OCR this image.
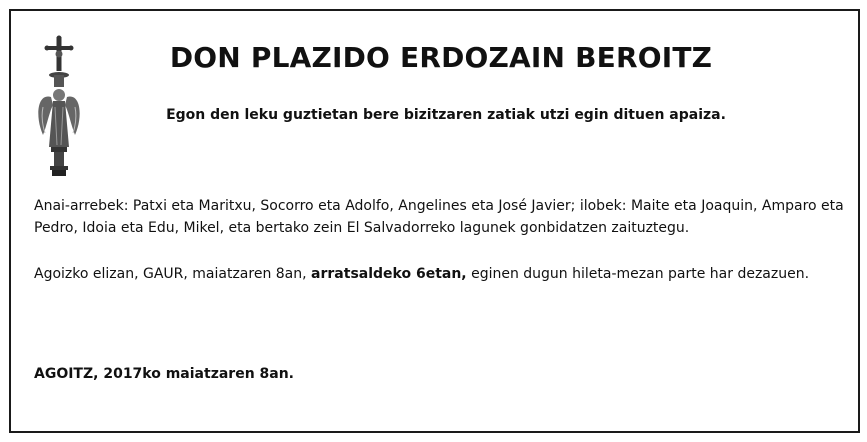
DON PLAZIDO ERDOZAIN BEROITZ
Egon den leku guztietan bere bizitzaren zatiak utzi egin dituen apaiza.
Anai-arrebek: Patxi eta Maritxu, Socorro eta Adolfo, Angelines eta José Javier; ilobek: Maite eta Joaquin, Amparo eta Pedro, Idoia eta Edu, Mikel, eta bertako zein El Salvadorreko lagunek gonbidatzen zaituztegu.
Agoizko elizan, GAUR, maiatzaren 8an, arratsaldeko 6etan, eginen dugun hileta-mezan parte har dezazuen.
AGOITZ, 2017ko maiatzaren 8an.
